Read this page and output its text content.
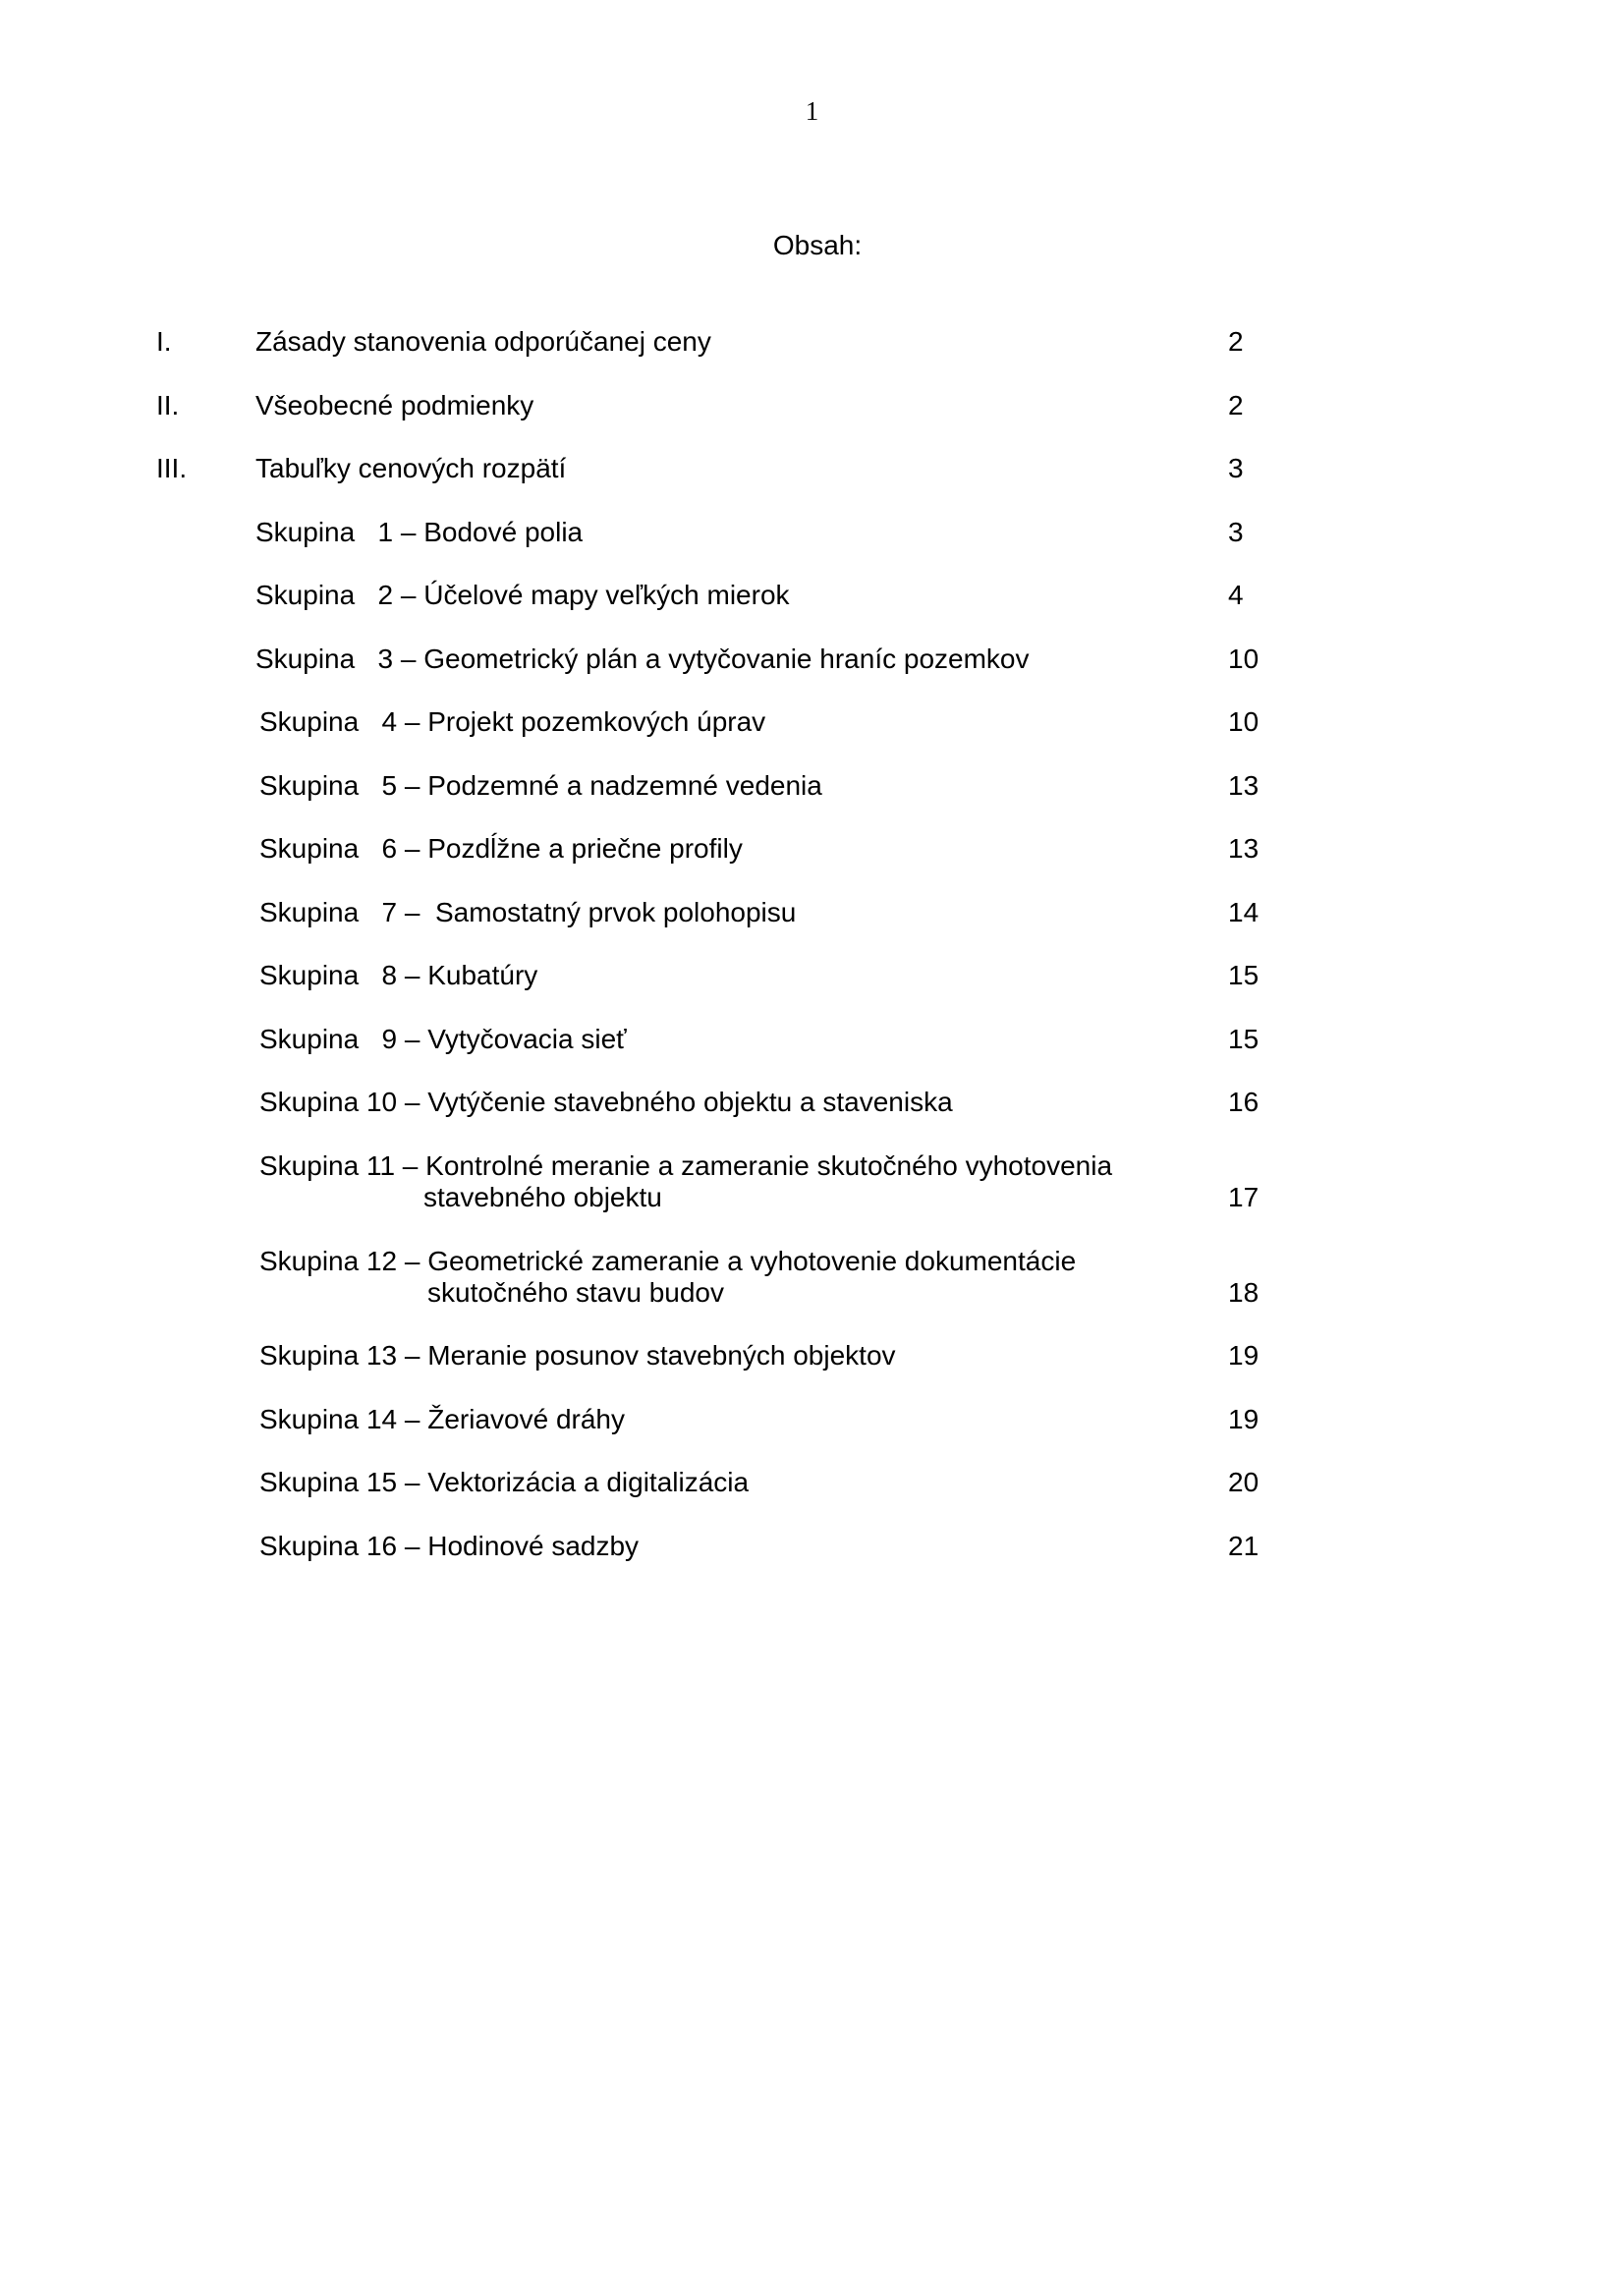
1
Obsah:
I.	Zásady stanovenia odporúčanej ceny	2
II.	Všeobecné podmienky	2
III. Tabuľky cenových rozpätí	3
Skupina   1 – Bodové polia	3
Skupina   2 – Účelové mapy veľkých mierok	4
Skupina   3 – Geometrický plán a vytyčovanie hraníc pozemkov	10
Skupina   4 – Projekt pozemkových úprav	10
Skupina   5 – Podzemné a nadzemné vedenia	13
Skupina   6 – Pozdĺžne a priečne profily	13
Skupina   7 –  Samostatný prvok polohopisu	14
Skupina   8 – Kubatúry	15
Skupina   9 – Vytyčovacia sieť	15
Skupina 10 – Vytýčenie stavebného objektu a staveniska	16
Skupina 11 – Kontrolné meranie a zameranie skutočného vyhotovenia
stavebného objektu	17
Skupina 12 – Geometrické zameranie a vyhotovenie dokumentácie
skutočného stavu budov	18
Skupina 13 – Meranie posunov stavebných objektov	19
Skupina 14 – Žeriavové dráhy	19
Skupina 15 – Vektorizácia a digitalizácia	20
Skupina 16 – Hodinové sadzby	21
